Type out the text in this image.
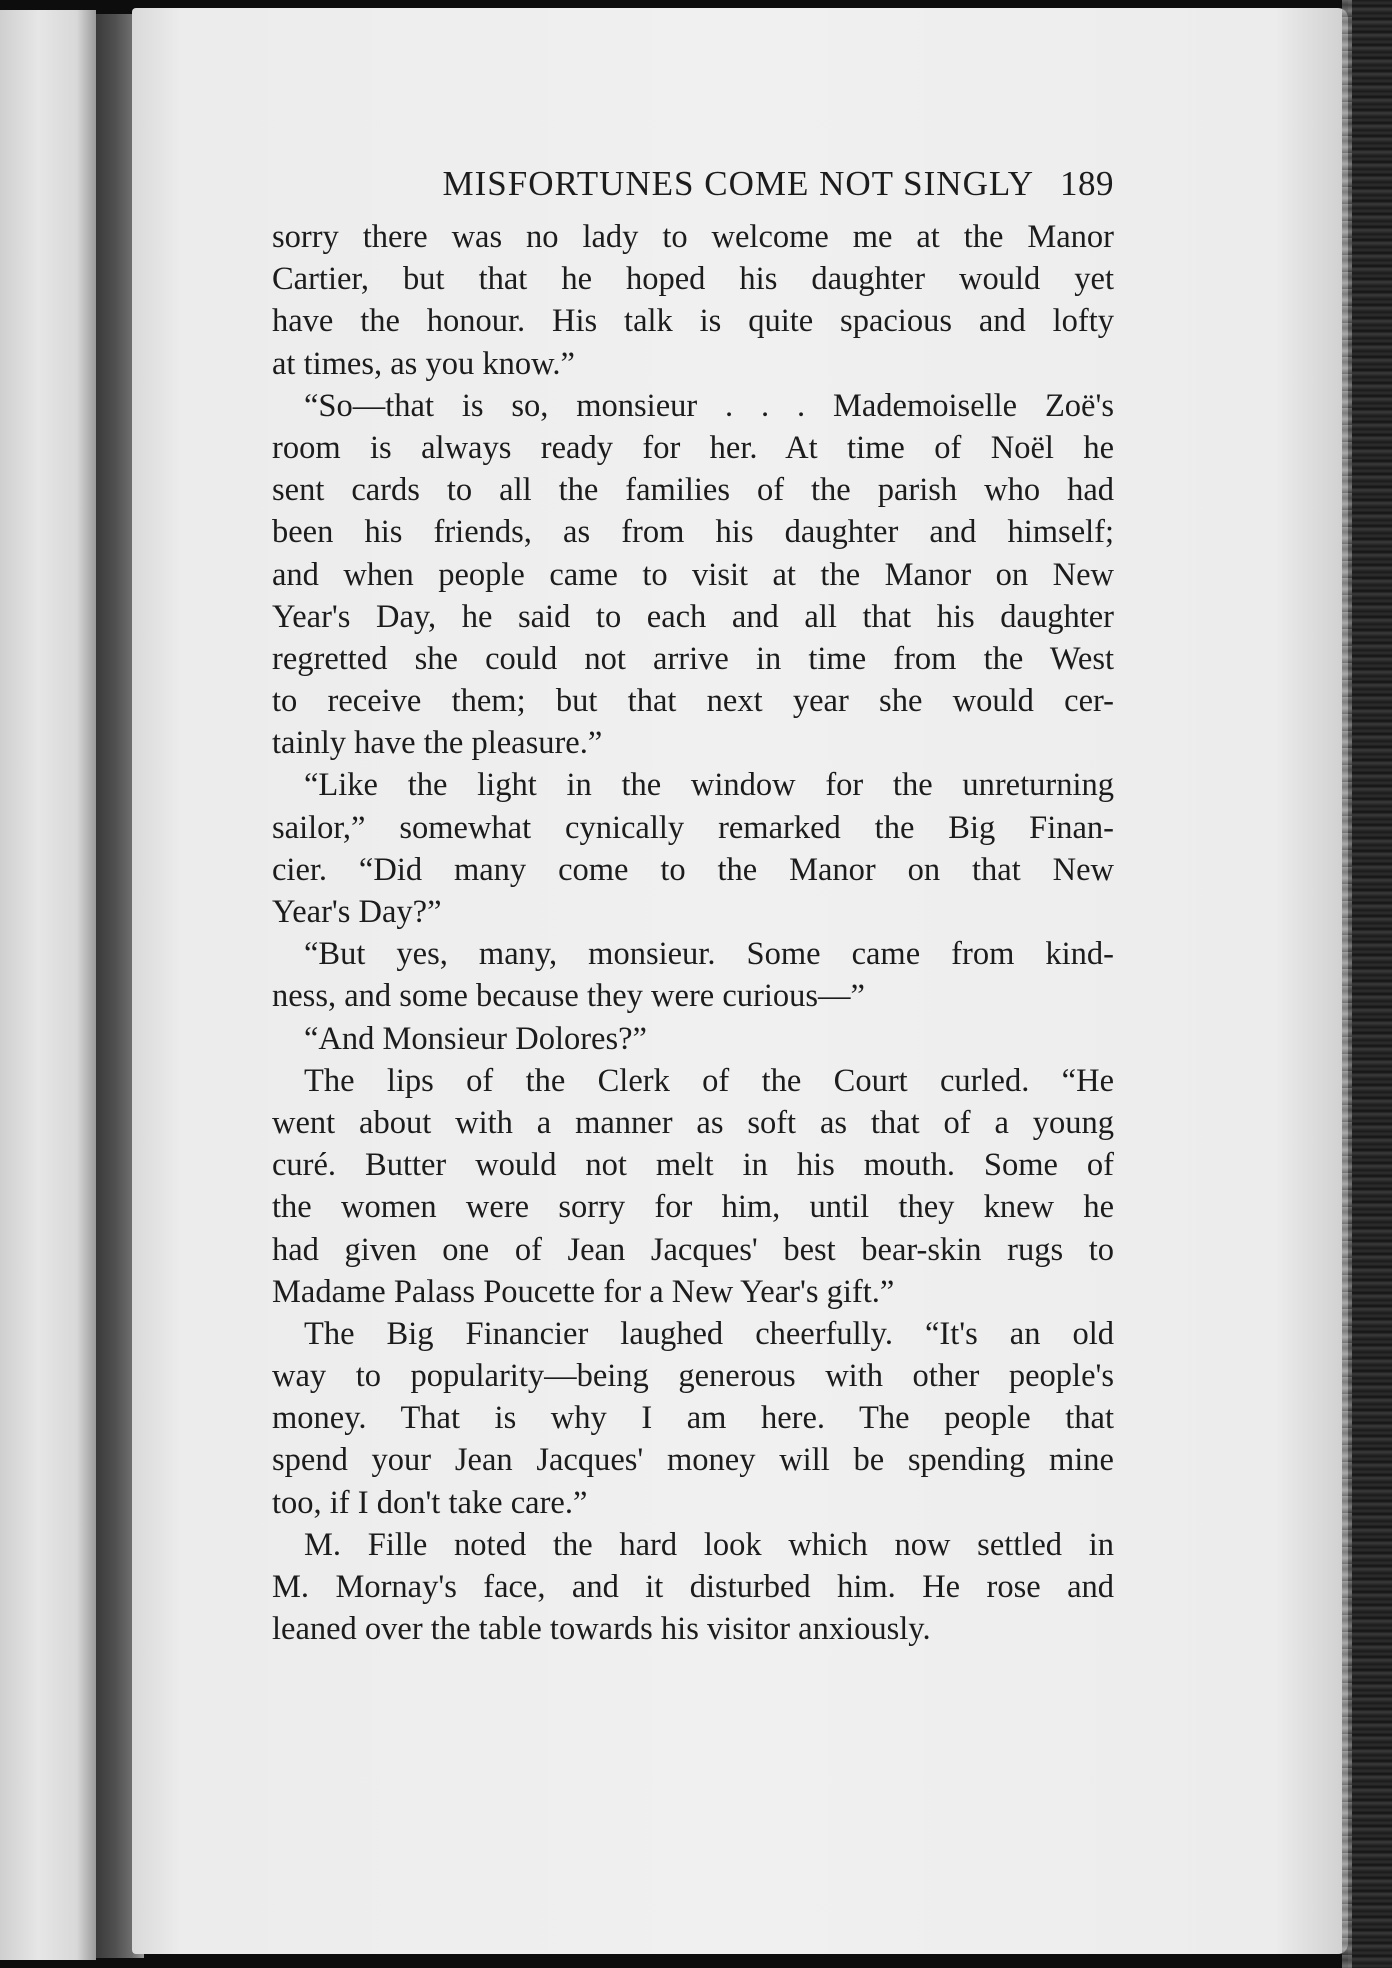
MISFORTUNES COME NOT SINGLY 189
sorry there was no lady to welcome me at the Manor
Cartier, but that he hoped his daughter would yet
have the honour. His talk is quite spacious and lofty
at times, as you know.”
“So—that is so, monsieur . . . Mademoiselle Zoë's
room is always ready for her. At time of Noël he
sent cards to all the families of the parish who had
been his friends, as from his daughter and himself;
and when people came to visit at the Manor on New
Year's Day, he said to each and all that his daughter
regretted she could not arrive in time from the West
to receive them; but that next year she would cer-
tainly have the pleasure.”
“Like the light in the window for the unreturning
sailor,” somewhat cynically remarked the Big Finan-
cier. “Did many come to the Manor on that New
Year's Day?”
“But yes, many, monsieur. Some came from kind-
ness, and some because they were curious—”
“And Monsieur Dolores?”
The lips of the Clerk of the Court curled. “He
went about with a manner as soft as that of a young
curé. Butter would not melt in his mouth. Some of
the women were sorry for him, until they knew he
had given one of Jean Jacques' best bear-skin rugs to
Madame Palass Poucette for a New Year's gift.”
The Big Financier laughed cheerfully. “It's an old
way to popularity—being generous with other people's
money. That is why I am here. The people that
spend your Jean Jacques' money will be spending mine
too, if I don't take care.”
M. Fille noted the hard look which now settled in
M. Mornay's face, and it disturbed him. He rose and
leaned over the table towards his visitor anxiously.
